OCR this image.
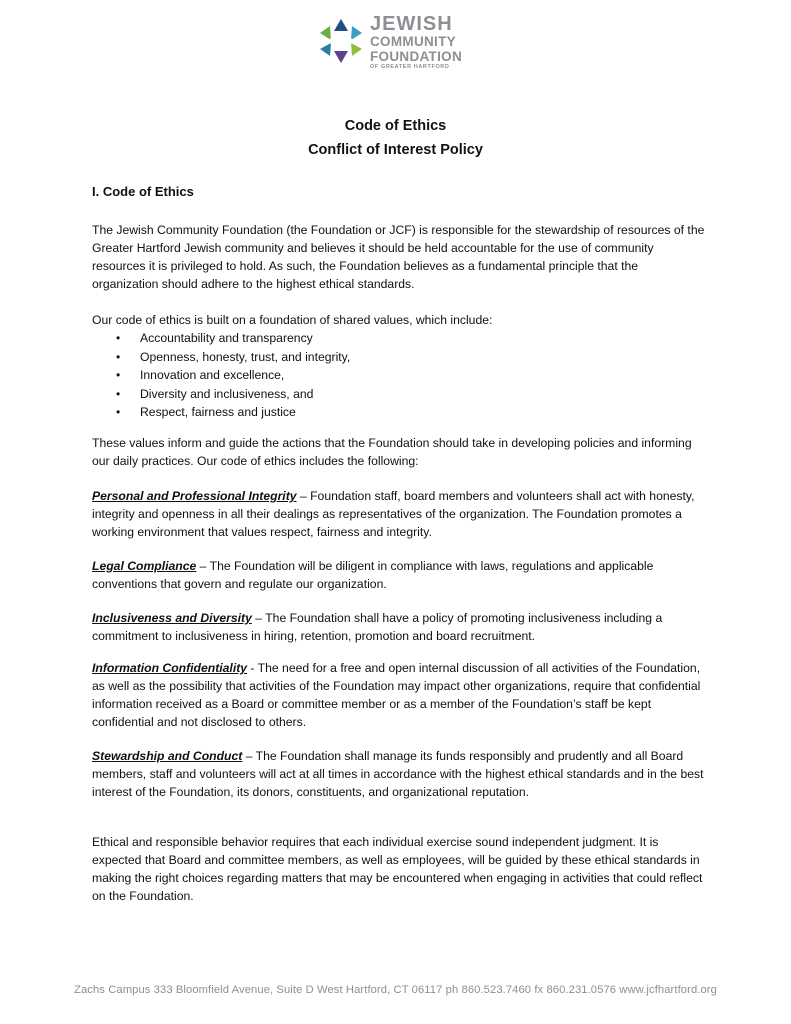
JEWISH
COMMUNITY
FOUNDATION
OF GREATER HARTFORD
Code of Ethics
Conflict of Interest Policy
I. Code of Ethics
The Jewish Community Foundation (the Foundation or JCF) is responsible for the stewardship of resources of the Greater Hartford Jewish community and believes it should be held accountable for the use of community resources it is privileged to hold. As such, the Foundation believes as a fundamental principle that the organization should adhere to the highest ethical standards.
Our code of ethics is built on a foundation of shared values, which include:
• Accountability and transparency
• Openness, honesty, trust, and integrity,
• Innovation and excellence,
• Diversity and inclusiveness, and
• Respect, fairness and justice
These values inform and guide the actions that the Foundation should take in developing policies and informing our daily practices. Our code of ethics includes the following:
Personal and Professional Integrity – Foundation staff, board members and volunteers shall act with honesty, integrity and openness in all their dealings as representatives of the organization. The Foundation promotes a working environment that values respect, fairness and integrity.
Legal Compliance – The Foundation will be diligent in compliance with laws, regulations and applicable conventions that govern and regulate our organization.
Inclusiveness and Diversity – The Foundation shall have a policy of promoting inclusiveness including a commitment to inclusiveness in hiring, retention, promotion and board recruitment.
Information Confidentiality - The need for a free and open internal discussion of all activities of the Foundation, as well as the possibility that activities of the Foundation may impact other organizations, require that confidential information received as a Board or committee member or as a member of the Foundation’s staff be kept confidential and not disclosed to others.
Stewardship and Conduct – The Foundation shall manage its funds responsibly and prudently and all Board members, staff and volunteers will act at all times in accordance with the highest ethical standards and in the best interest of the Foundation, its donors, constituents, and organizational reputation.
Ethical and responsible behavior requires that each individual exercise sound independent judgment. It is expected that Board and committee members, as well as employees, will be guided by these ethical standards in making the right choices regarding matters that may be encountered when engaging in activities that could reflect on the Foundation.
Zachs Campus 333 Bloomfield Avenue, Suite D West Hartford, CT 06117 ph 860.523.7460 fx 860.231.0576 www.jcfhartford.org
